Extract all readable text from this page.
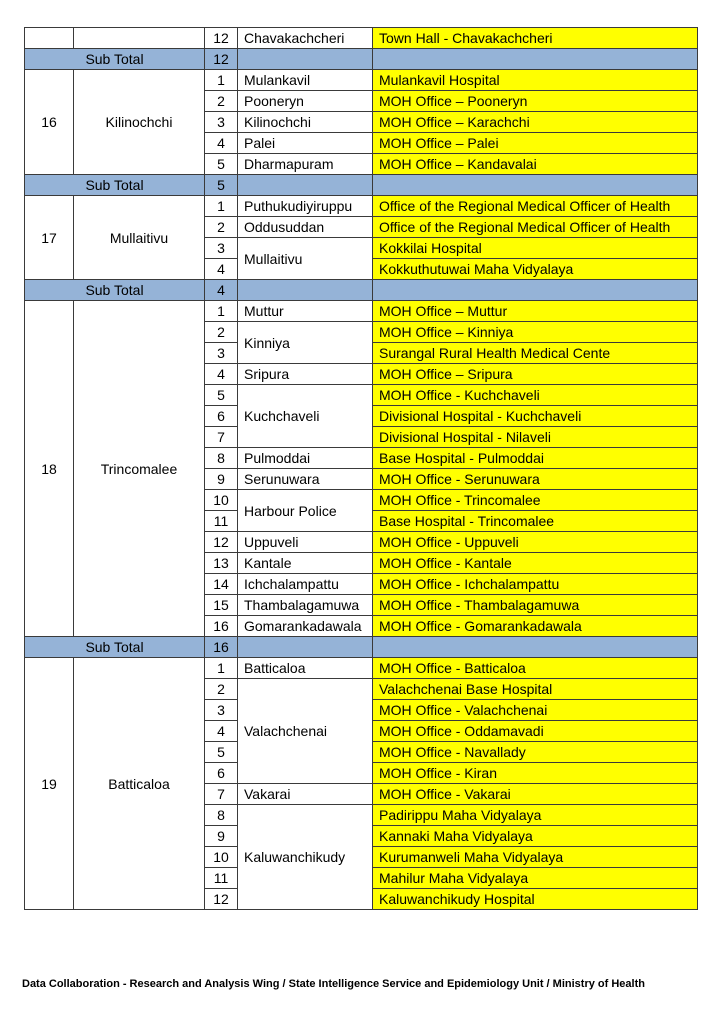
		12	Chavakachcheri	Town Hall - Chavakachcheri
Sub Total		12		
16	Kilinochchi	1	Mulankavil	Mulankavil Hospital
		2	Pooneryn	MOH Office – Pooneryn
		3	Kilinochchi	MOH Office – Karachchi
		4	Palei	MOH Office – Palei
		5	Dharmapuram	MOH Office – Kandavalai
Sub Total		5		
17	Mullaitivu	1	Puthukudiyiruppu	Office of the Regional Medical Officer of Health
		2	Oddusuddan	Office of the Regional Medical Officer of Health
		3	Mullaitivu	Kokkilai Hospital
		4		Kokkuthutuwai Maha Vidyalaya
Sub Total		4		
18	Trincomalee	1	Muttur	MOH Office – Muttur
		2	Kinniya	MOH Office – Kinniya
		3		Surangal Rural Health Medical Cente
		4	Sripura	MOH Office – Sripura
		5	Kuchchaveli	MOH Office - Kuchchaveli
		6		Divisional Hospital - Kuchchaveli
		7		Divisional Hospital - Nilaveli
		8	Pulmoddai	Base Hospital - Pulmoddai
		9	Serunuwara	MOH Office - Serunuwara
		10	Harbour Police	MOH Office - Trincomalee
		11		Base Hospital - Trincomalee
		12	Uppuveli	MOH Office - Uppuveli
		13	Kantale	MOH Office - Kantale
		14	Ichchalampattu	MOH Office - Ichchalampattu
		15	Thambalagamuwa	MOH Office - Thambalagamuwa
		16	Gomarankadawala	MOH Office - Gomarankadawala
Sub Total		16		
19	Batticaloa	1	Batticaloa	MOH Office - Batticaloa
		2	Valachchenai	Valachchenai Base Hospital
		3		MOH Office - Valachchenai
		4		MOH Office - Oddamavadi
		5		MOH Office - Navallady
		6		MOH Office - Kiran
		7	Vakarai	MOH Office - Vakarai
		8	Kaluwanchikudy	Padirippu Maha Vidyalaya
		9		Kannaki Maha Vidyalaya
		10		Kurumanweli Maha Vidyalaya
		11		Mahilur Maha Vidyalaya
		12		Kaluwanchikudy Hospital
Data Collaboration - Research and Analysis Wing / State Intelligence Service and Epidemiology Unit / Ministry of Health
